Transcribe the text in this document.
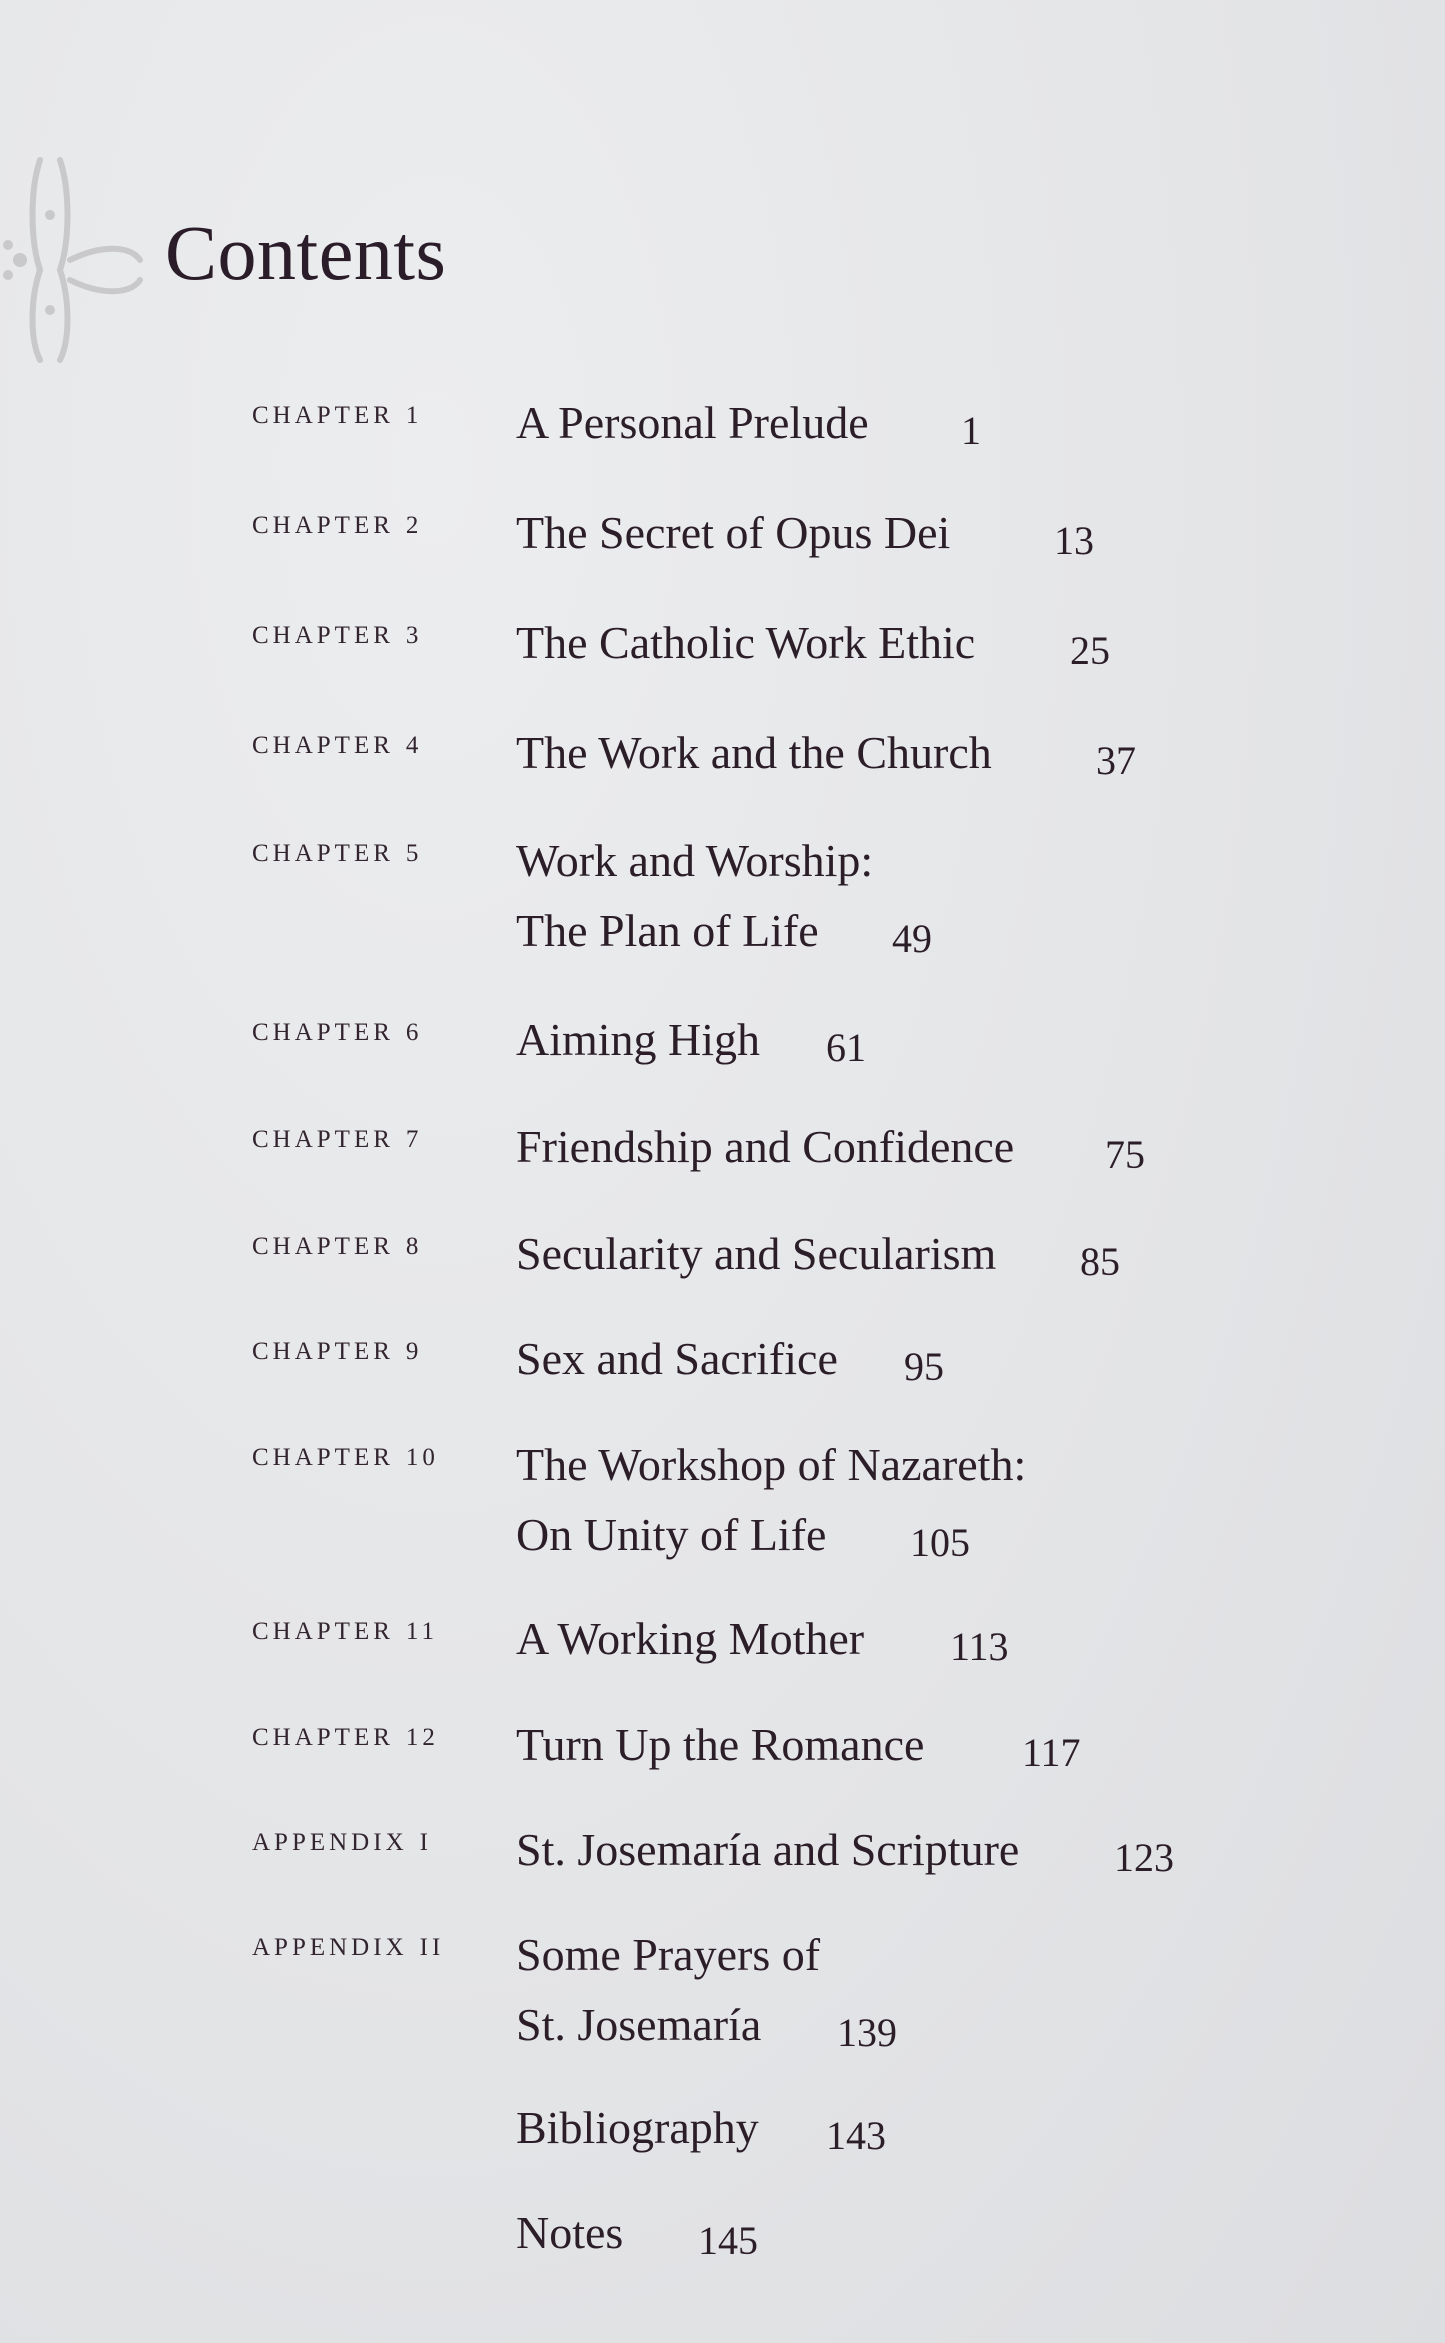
Contents
CHAPTER 1 A Personal Prelude 1
CHAPTER 2 The Secret of Opus Dei	13
CHAPTER 3 The Catholic Work Ethic 25
CHAPTER 4 The Work and the Church	37
CHAPTER 5 Work and Worship:
The Plan of Life	49
CHAPTER 6 Aiming High 61
CHAPTER 7 Friendship and Confidence 75
CHAPTER 8 Secularity and Secularism 85
CHAPTER 9 Sex and Sacrifice 95
CHAPTER 10 The Workshop of Nazareth:
On Unity of Life	105
CHAPTER 11 A Working Mother 113
CHAPTER 12 Turn Up the Romance 117
APPENDIX I St. Josemaría and Scripture 123
APPENDIX II Some Prayers of
St. Josemaría	139
Bibliography 143
Notes 145
